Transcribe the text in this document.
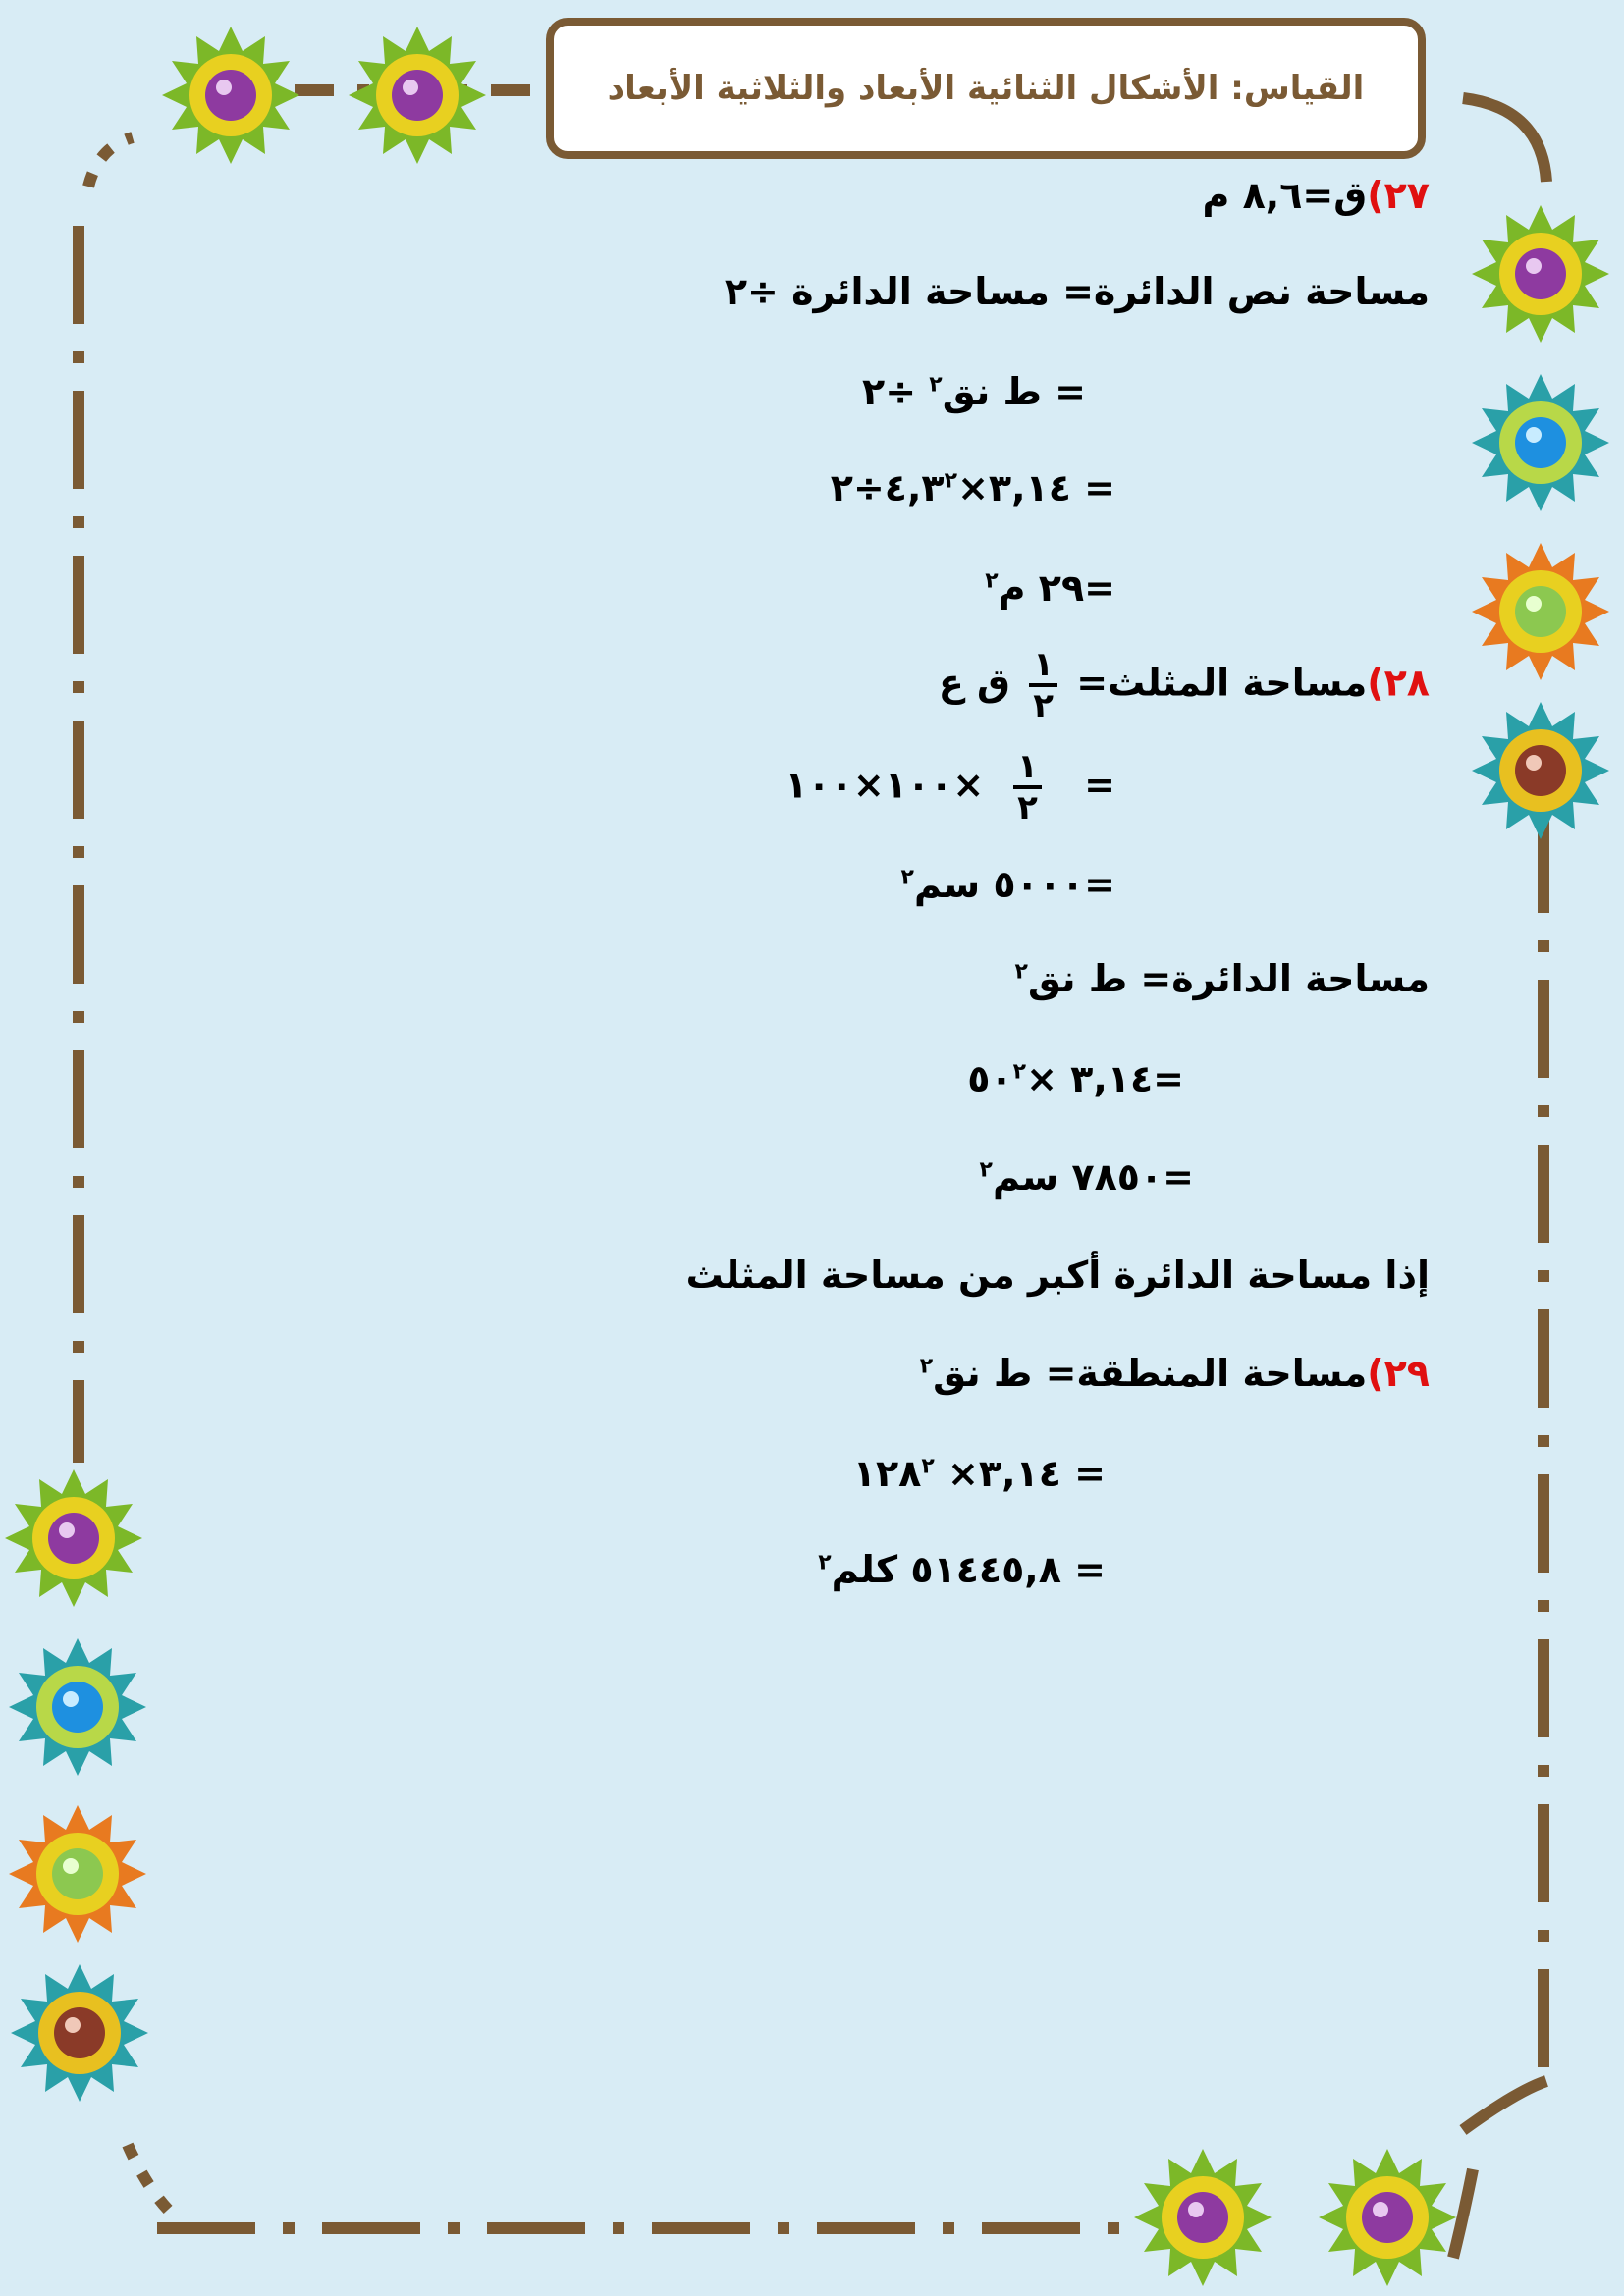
القياس: الأشكال الثنائية الأبعاد والثلاثية الأبعاد
٢٧)ق=٨,٦ م
مساحة نص الدائرة= مساحة الدائرة ÷٢
= ط نق$^٢$ ÷٢
= $٣,١٤\times ٤,٣^٢\div ٢$
=٢٩ م$^٢$
٢٨)مساحة المثلث=
$\frac{١}{٢}$
ق ع
=
$\frac{١}{٢}$
×١٠٠×١٠٠
=٥٠٠٠ سم$^٢$
مساحة الدائرة= ط نق$^٢$
=٣,١٤ $\times ٥٠^٢$
=٧٨٥٠ سم$^٢$
إذا مساحة الدائرة أكبر من مساحة المثلث
٢٩)مساحة المنطقة= ط نق$^٢$
= ٣,١٤× $١٢٨^٢$
= ٥١٤٤٥,٨ كلم$^٢$
